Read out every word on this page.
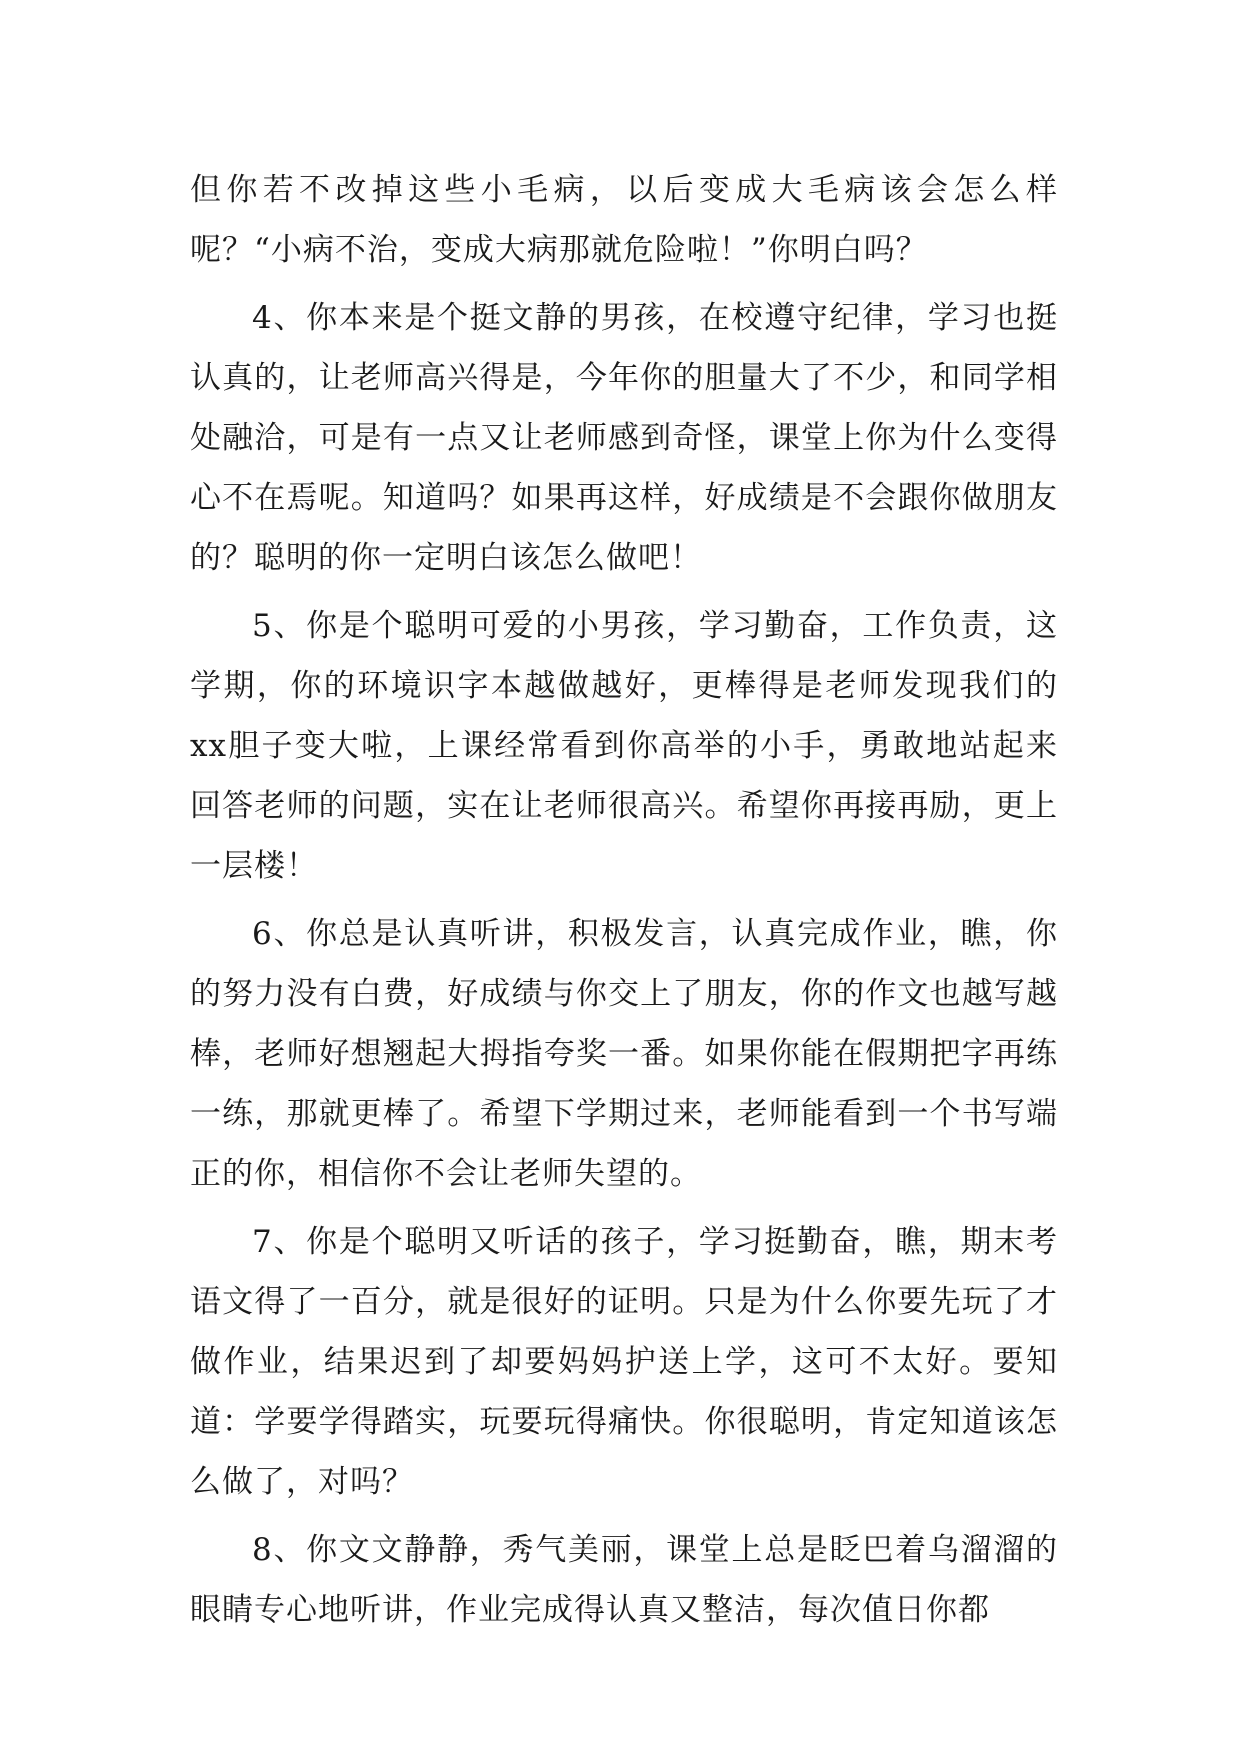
但你若不改掉这些小毛病，以后变成大毛病该会怎么样呢？“小病不治，变成大病那就危险啦！”你明白吗？

4、你本来是个挺文静的男孩，在校遵守纪律，学习也挺认真的，让老师高兴得是，今年你的胆量大了不少，和同学相处融洽，可是有一点又让老师感到奇怪，课堂上你为什么变得心不在焉呢。知道吗？如果再这样，好成绩是不会跟你做朋友的？聪明的你一定明白该怎么做吧！

5、你是个聪明可爱的小男孩，学习勤奋，工作负责，这学期，你的环境识字本越做越好，更棒得是老师发现我们的xx胆子变大啦，上课经常看到你高举的小手，勇敢地站起来回答老师的问题，实在让老师很高兴。希望你再接再励，更上一层楼！

6、你总是认真听讲，积极发言，认真完成作业，瞧，你的努力没有白费，好成绩与你交上了朋友，你的作文也越写越棒，老师好想翘起大拇指夸奖一番。如果你能在假期把字再练一练，那就更棒了。希望下学期过来，老师能看到一个书写端正的你，相信你不会让老师失望的。

7、你是个聪明又听话的孩子，学习挺勤奋，瞧，期末考语文得了一百分，就是很好的证明。只是为什么你要先玩了才做作业，结果迟到了却要妈妈护送上学，这可不太好。要知道：学要学得踏实，玩要玩得痛快。你很聪明，肯定知道该怎么做了，对吗？

8、你文文静静，秀气美丽，课堂上总是眨巴着乌溜溜的眼睛专心地听讲，作业完成得认真又整洁，每次值日你都
